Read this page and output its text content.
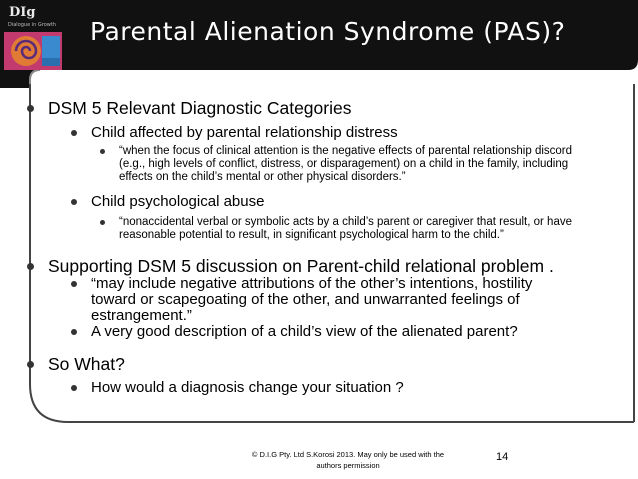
DIg
Dialogue in Growth Parental Alienation Syndrome (PAS)?
DSM 5 Relevant Diagnostic Categories
Child affected by parental relationship distress
“when the focus of clinical attention is the negative effects of parental relationship discord (e.g., high levels of conflict, distress, or disparagement) on a child in the family, including effects on the child’s mental or other physical disorders.”
Child psychological abuse
“nonaccidental verbal or symbolic acts by a child’s parent or caregiver that result, or have reasonable potential to result, in significant psychological harm to the child.”
Supporting DSM 5 discussion on Parent-child relational problem .
“may include negative attributions of the other’s intentions, hostility toward or scapegoating of the other, and unwarranted feelings of estrangement.”
A very good description of a child’s view of the alienated parent?
So What?
How would a diagnosis change your situation ?
© D.I.G Pty. Ltd S.Korosi 2013. May only be used with the authors permission
14
